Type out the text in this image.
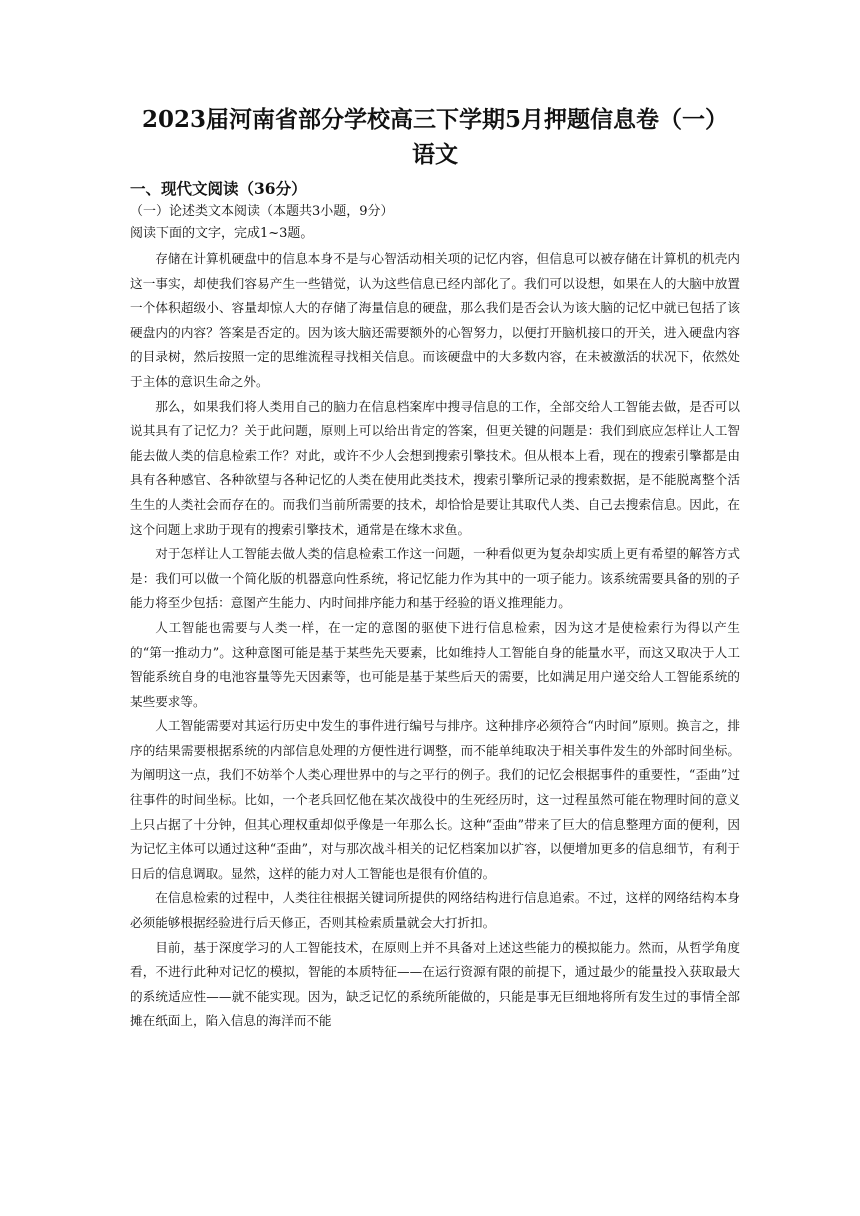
2023届河南省部分学校高三下学期5月押题信息卷（一）
语文
一、现代文阅读（36分）

（一）论述类文本阅读（本题共3小题，9分）

阅读下面的文字，完成1~3题。

存储在计算机硬盘中的信息本身不是与心智活动相关项的记忆内容，但信息可以被存储在计算机的机壳内这一事实，却使我们容易产生一些错觉，认为这些信息已经内部化了。我们可以设想，如果在人的大脑中放置一个体积超级小、容量却惊人大的存储了海量信息的硬盘，那么我们是否会认为该大脑的记忆中就已包括了该硬盘内的内容？答案是否定的。因为该大脑还需要额外的心智努力，以便打开脑机接口的开关，进入硬盘内容的目录树，然后按照一定的思维流程寻找相关信息。而该硬盘中的大多数内容，在未被激活的状况下，依然处于主体的意识生命之外。

那么，如果我们将人类用自己的脑力在信息档案库中搜寻信息的工作，全部交给人工智能去做，是否可以说其具有了记忆力？关于此问题，原则上可以给出肯定的答案，但更关键的问题是：我们到底应怎样让人工智能去做人类的信息检索工作？对此，或许不少人会想到搜索引擎技术。但从根本上看，现在的搜索引擎都是由具有各种感官、各种欲望与各种记忆的人类在使用此类技术，搜索引擎所记录的搜索数据，是不能脱离整个活生生的人类社会而存在的。而我们当前所需要的技术，却恰恰是要让其取代人类、自己去搜索信息。因此，在这个问题上求助于现有的搜索引擎技术，通常是在缘木求鱼。

对于怎样让人工智能去做人类的信息检索工作这一问题，一种看似更为复杂却实质上更有希望的解答方式是：我们可以做一个简化版的机器意向性系统，将记忆能力作为其中的一项子能力。该系统需要具备的别的子能力将至少包括：意图产生能力、内时间排序能力和基于经验的语义推理能力。

人工智能也需要与人类一样，在一定的意图的驱使下进行信息检索，因为这才是使检索行为得以产生的“第一推动力”。这种意图可能是基于某些先天要素，比如维持人工智能自身的能量水平，而这又取决于人工智能系统自身的电池容量等先天因素等，也可能是基于某些后天的需要，比如满足用户递交给人工智能系统的某些要求等。

人工智能需要对其运行历史中发生的事件进行编号与排序。这种排序必须符合“内时间”原则。换言之，排序的结果需要根据系统的内部信息处理的方便性进行调整，而不能单纯取决于相关事件发生的外部时间坐标。为阐明这一点，我们不妨举个人类心理世界中的与之平行的例子。我们的记忆会根据事件的重要性，“歪曲”过往事件的时间坐标。比如，一个老兵回忆他在某次战役中的生死经历时，这一过程虽然可能在物理时间的意义上只占据了十分钟，但其心理权重却似乎像是一年那么长。这种“歪曲”带来了巨大的信息整理方面的便利，因为记忆主体可以通过这种“歪曲”，对与那次战斗相关的记忆档案加以扩容，以便增加更多的信息细节，有利于日后的信息调取。显然，这样的能力对人工智能也是很有价值的。

在信息检索的过程中，人类往往根据关键词所提供的网络结构进行信息追索。不过，这样的网络结构本身必须能够根据经验进行后天修正，否则其检索质量就会大打折扣。

目前，基于深度学习的人工智能技术，在原则上并不具备对上述这些能力的模拟能力。然而，从哲学角度看，不进行此种对记忆的模拟，智能的本质特征——在运行资源有限的前提下，通过最少的能量投入获取最大的系统适应性——就不能实现。因为，缺乏记忆的系统所能做的，只能是事无巨细地将所有发生过的事情全部摊在纸面上，陷入信息的海洋而不能
